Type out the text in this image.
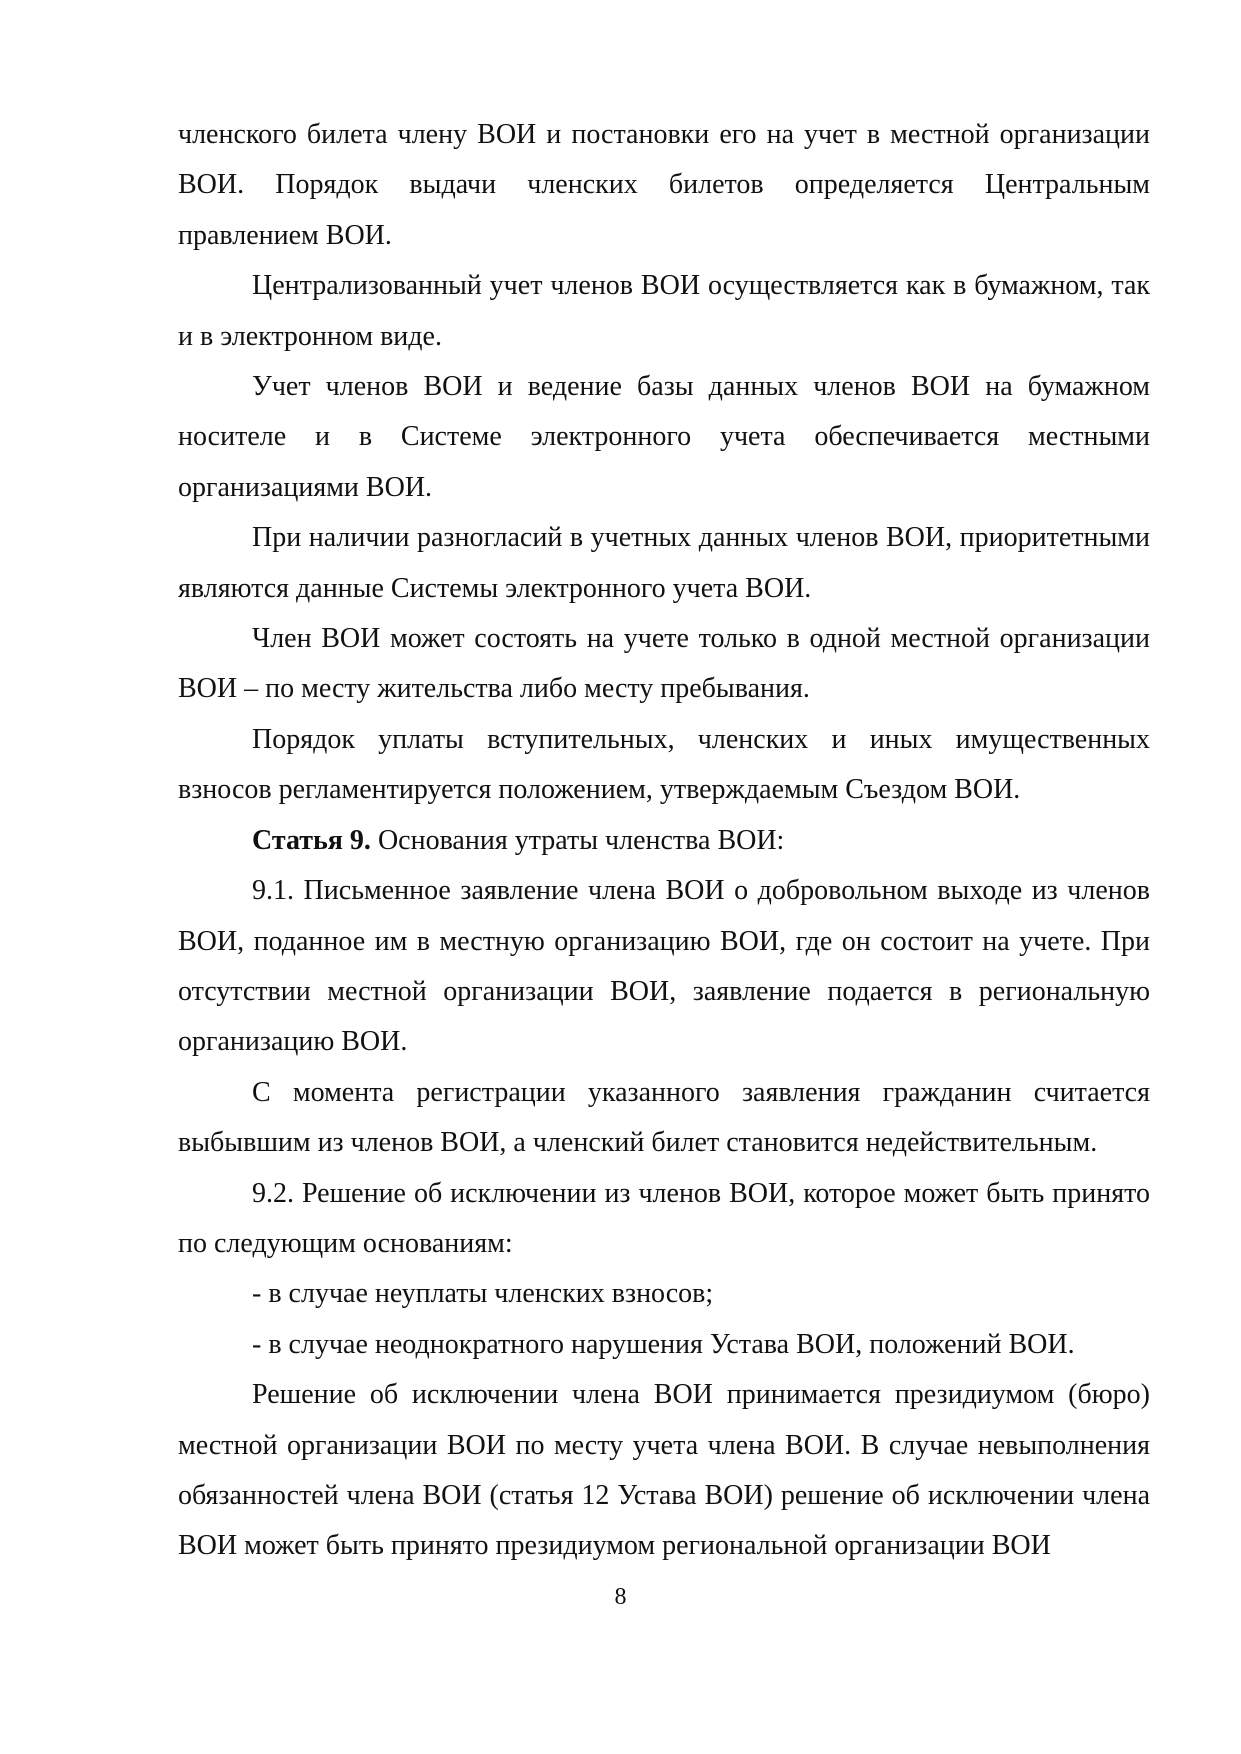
членского билета члену ВОИ и постановки его на учет в местной организации ВОИ. Порядок выдачи членских билетов определяется Центральным правлением ВОИ.

Централизованный учет членов ВОИ осуществляется как в бумажном, так и в электронном виде.

Учет членов ВОИ и ведение базы данных членов ВОИ на бумажном носителе и в Системе электронного учета обеспечивается местными организациями ВОИ.

При наличии разногласий в учетных данных членов ВОИ, приоритетными являются данные Системы электронного учета ВОИ.

Член ВОИ может состоять на учете только в одной местной организации ВОИ – по месту жительства либо месту пребывания.

Порядок уплаты вступительных, членских и иных имущественных взносов регламентируется положением, утверждаемым Съездом ВОИ.

Статья 9. Основания утраты членства ВОИ:

9.1. Письменное заявление члена ВОИ о добровольном выходе из членов ВОИ, поданное им в местную организацию ВОИ, где он состоит на учете. При отсутствии местной организации ВОИ, заявление подается в региональную организацию ВОИ.

С момента регистрации указанного заявления гражданин считается выбывшим из членов ВОИ, а членский билет становится недействительным.

9.2. Решение об исключении из членов ВОИ, которое может быть принято по следующим основаниям:

- в случае неуплаты членских взносов;

- в случае неоднократного нарушения Устава ВОИ, положений ВОИ.

Решение об исключении члена ВОИ принимается президиумом (бюро) местной организации ВОИ по месту учета члена ВОИ. В случае невыполнения обязанностей члена ВОИ (статья 12 Устава ВОИ) решение об исключении члена ВОИ может быть принято президиумом региональной организации ВОИ

8
